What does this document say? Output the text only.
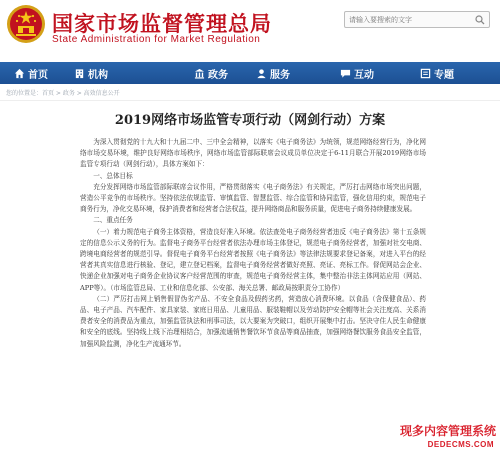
国家市场监督管理总局
State Administration for Market Regulation
请输入要搜索的文字
首页	机构	政务	服务	互动	专题
您的位置是：首页 > 政务 > 高效信息公开
2019网络市场监管专项行动（网剑行动）方案

为深入贯彻党的十九大和十九届二中、三中全会精神，以落实《电子商务法》为统领，规范网络经营行为，净化网络市场交易环境，维护良好网络市场秩序，网络市场监管部际联席会议成员单位决定于6-11月联合开展2019网络市场监管专项行动（网剑行动），具体方案如下：

一、总体目标

充分发挥网络市场监管部际联席会议作用，严格贯彻落实《电子商务法》有关规定，严厉打击网络市场突出问题，营造公平竞争的市场秩序。坚持依法依规监管、审慎监管、智慧监管、综合监管和协同监管，强化信用约束，规范电子商务行为，净化交易环境，保护消费者和经营者合法权益，提升网络商品和服务质量，促进电子商务持续健康发展。

二、重点任务

（一）着力规范电子商务主体资格，营造良好准入环境。依法查处电子商务经营者违反《电子商务法》第十五条规定的信息公示义务的行为。监督电子商务平台经营者依法办理市场主体登记，规范电子商务经营者，加强对社交电商、跨境电商经营者的规范引导。督促电子商务平台经营者按照《电子商务法》等法律法规要求登记备案，对进入平台的经营者其真实信息进行核验、登记，建立登记档案，监督电子商务经营者做好亮照、亮证、亮标工作。督促网站会企业、快递企业加强对电子商务企业协议客户经营范围的审查，规范电子商务经营主体，集中整治非法主体网站应用（网站、APP等）。（市场监管总局、工业和信息化部、公安部、海关总署、邮政局按职责分工协作）

（二）严厉打击网上销售假冒伪劣产品、不安全食品及假药劣药，营造放心消费环境。以食品（含保健食品）、药品、电子产品、汽车配件、家具家装、家庭日用品、儿童用品、服装鞋帽以及劳动防护安全帽等社会关注度高、关系消费者安全的消费品为重点，加强监管执法和刑事司法，以大要案为突破口，组织开展集中打击。坚决守住人民生命健康和安全的底线。坚持线上线下治理相结合，加强流通销售餐饮环节食品等商品抽查，加强网络餐饮服务食品安全监管，加强风险监测，净化生产流通环节。

现多内容管理系统
DEDECMS.COM
